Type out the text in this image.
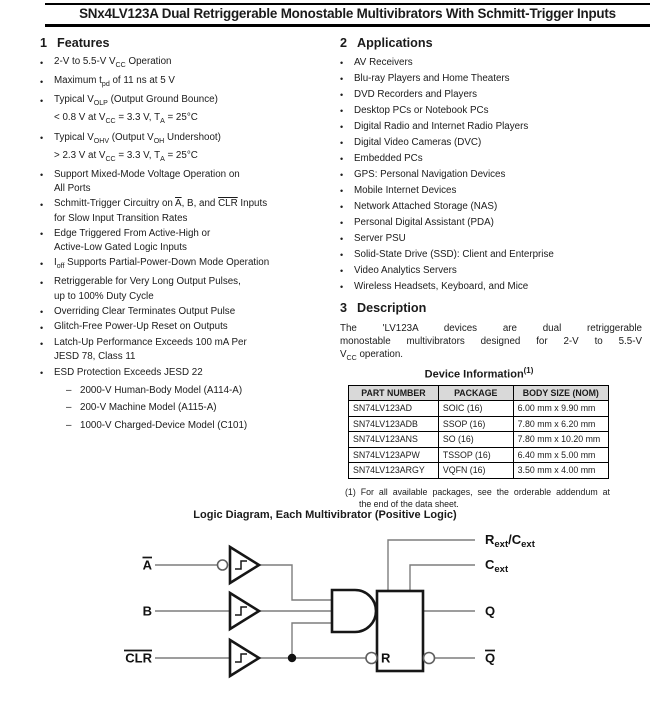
SNx4LV123A Dual Retriggerable Monostable Multivibrators With Schmitt-Trigger Inputs
1 Features
•	2-V to 5.5-V $V_{CC}$ Operation
•	Maximum $t_{pd}$ of 11 ns at 5 V
•	Typical $V_{OLP}$ (Output Ground Bounce)
< 0.8 V at $V_{CC} = 3.3$ V, $T_A = 25^\circ C$
•	Typical $V_{OHV}$ (Output $V_{OH}$ Undershoot)
> 2.3 V at $V_{CC} = 3.3$ V, $T_A = 25^\circ C$
•	Support Mixed-Mode Voltage Operation on
All Ports
•	Schmitt-Trigger Circuitry on $\overline{A}$, B, and $\overline{CLR}$ Inputs
for Slow Input Transition Rates
•	Edge Triggered From Active-High or
Active-Low Gated Logic Inputs
•	$I_{off}$ Supports Partial-Power-Down Mode Operation
•	Retriggerable for Very Long Output Pulses,
up to 100% Duty Cycle
•	Overriding Clear Terminates Output Pulse
•	Glitch-Free Power-Up Reset on Outputs
•	Latch-Up Performance Exceeds 100 mA Per
JESD 78, Class 11
•	ESD Protection Exceeds JESD 22
– 2000-V Human-Body Model (A114-A)
– 200-V Machine Model (A115-A)
– 1000-V Charged-Device Model (C101)
2 Applications
•	AV Receivers
•	Blu-ray Players and Home Theaters
•	DVD Recorders and Players
•	Desktop PCs or Notebook PCs
•	Digital Radio and Internet Radio Players
•	Digital Video Cameras (DVC)
•	Embedded PCs
•	GPS: Personal Navigation Devices
•	Mobile Internet Devices
•	Network Attached Storage (NAS)
•	Personal Digital Assistant (PDA)
•	Server PSU
•	Solid-State Drive (SSD): Client and Enterprise
•	Video Analytics Servers
•	Wireless Headsets, Keyboard, and Mice
3 Description
The 'LV123A devices are dual retriggerable
monostable multivibrators designed for 2-V to 5.5-V
$V_{CC}$ operation.
Device Information$^{(1)}$
PART NUMBER	PACKAGE	BODY SIZE (NOM)
SN74LV123AD	SOIC (16)	6.00 mm x 9.90 mm
SN74LV123ADB	SSOP (16)	7.80 mm x 6.20 mm
SN74LV123ANS	SO (16)	7.80 mm x 10.20 mm
SN74LV123APW	TSSOP (16)	6.40 mm x 5.00 mm
SN74LV123ARGY	VQFN (16)	3.50 mm x 4.00 mm
(1) For all available packages, see the orderable addendum at
the end of the data sheet.
Logic Diagram, Each Multivibrator (Positive Logic)
A
B
CLR	R
Q
Q
$R_{ext}/C_{ext}$
$C_{ext}$
